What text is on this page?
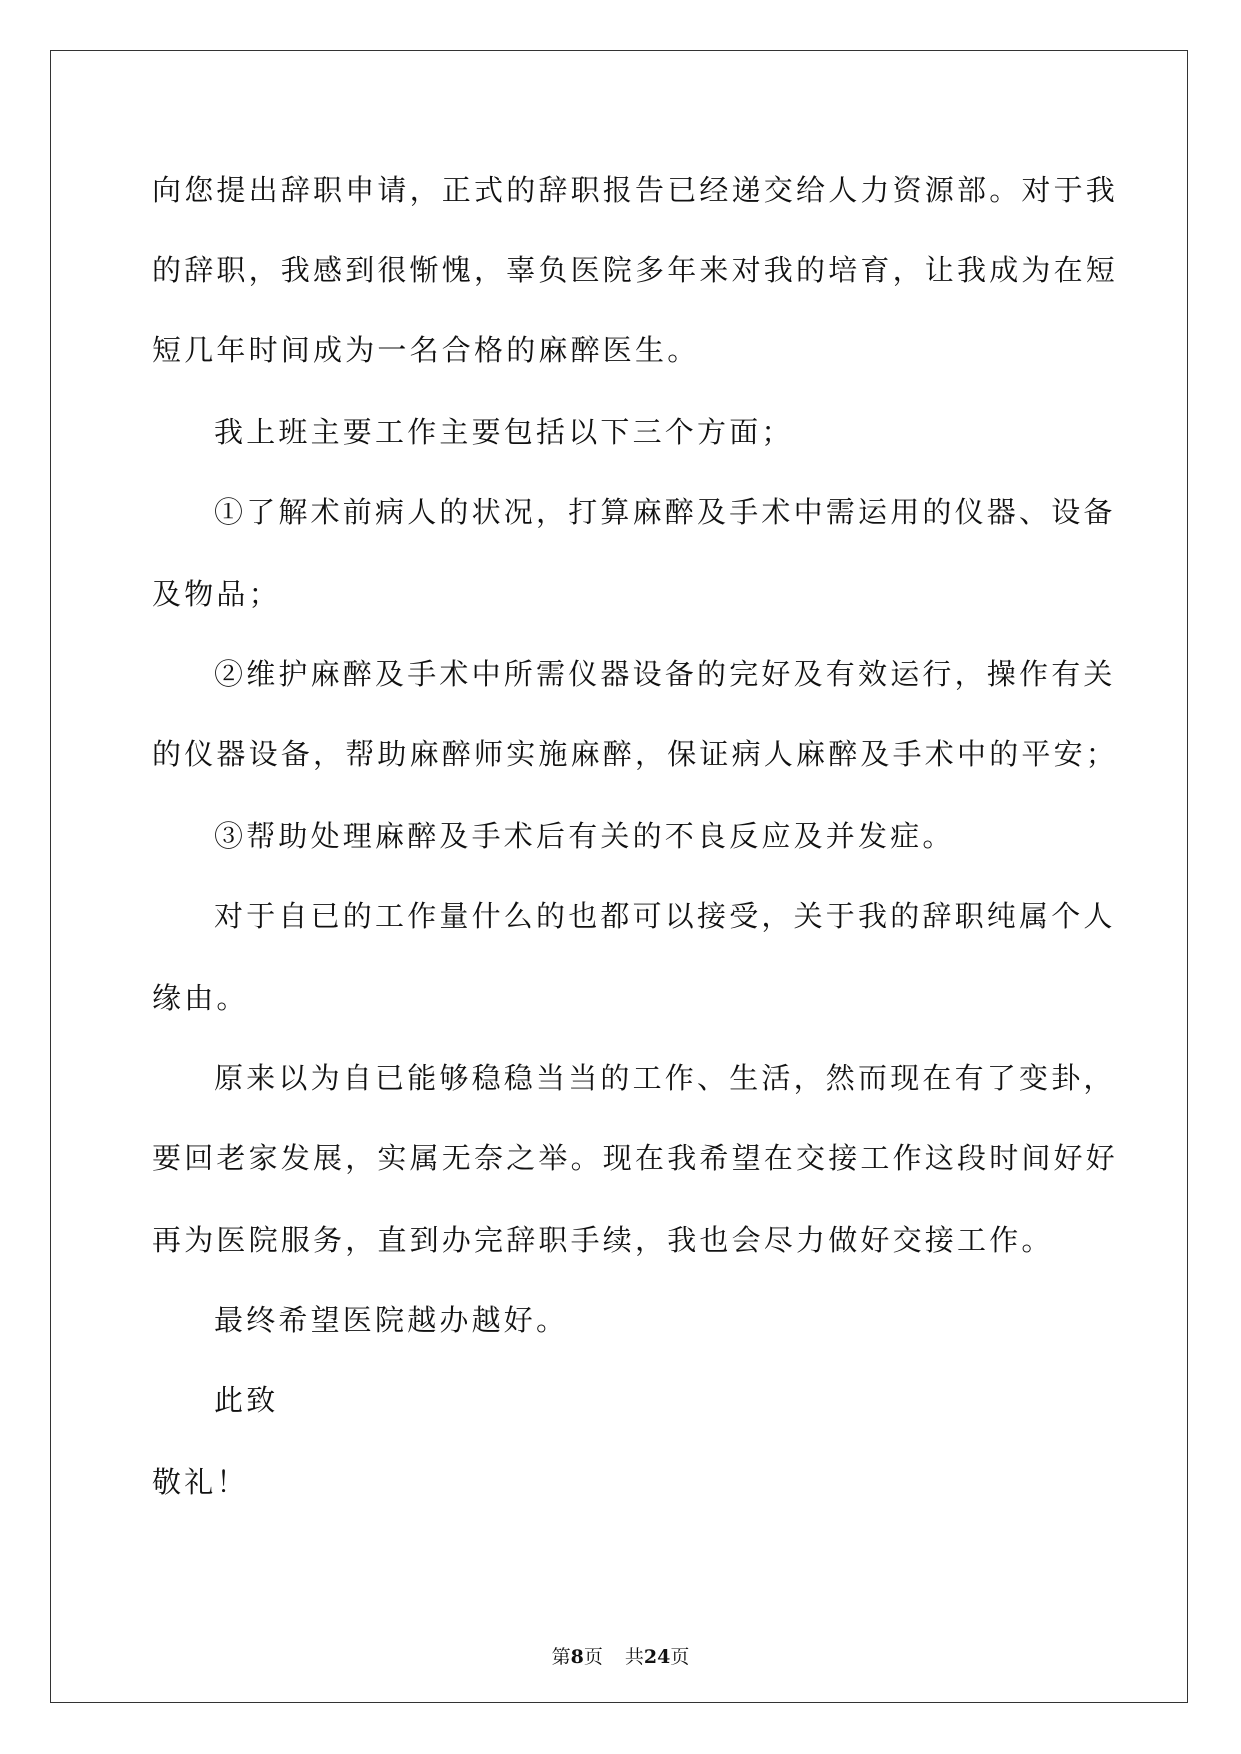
向您提出辞职申请，正式的辞职报告已经递交给人力资源部。对于我
的辞职，我感到很惭愧，辜负医院多年来对我的培育，让我成为在短
短几年时间成为一名合格的麻醉医生。
我上班主要工作主要包括以下三个方面；
①了解术前病人的状况，打算麻醉及手术中需运用的仪器、设备
及物品；
②维护麻醉及手术中所需仪器设备的完好及有效运行，操作有关
的仪器设备，帮助麻醉师实施麻醉，保证病人麻醉及手术中的平安；
③帮助处理麻醉及手术后有关的不良反应及并发症。
对于自已的工作量什么的也都可以接受，关于我的辞职纯属个人
缘由。
原来以为自已能够稳稳当当的工作、生活，然而现在有了变卦，
要回老家发展，实属无奈之举。现在我希望在交接工作这段时间好好
再为医院服务，直到办完辞职手续，我也会尽力做好交接工作。
最终希望医院越办越好。
此致
敬礼！
第8页 共24页
